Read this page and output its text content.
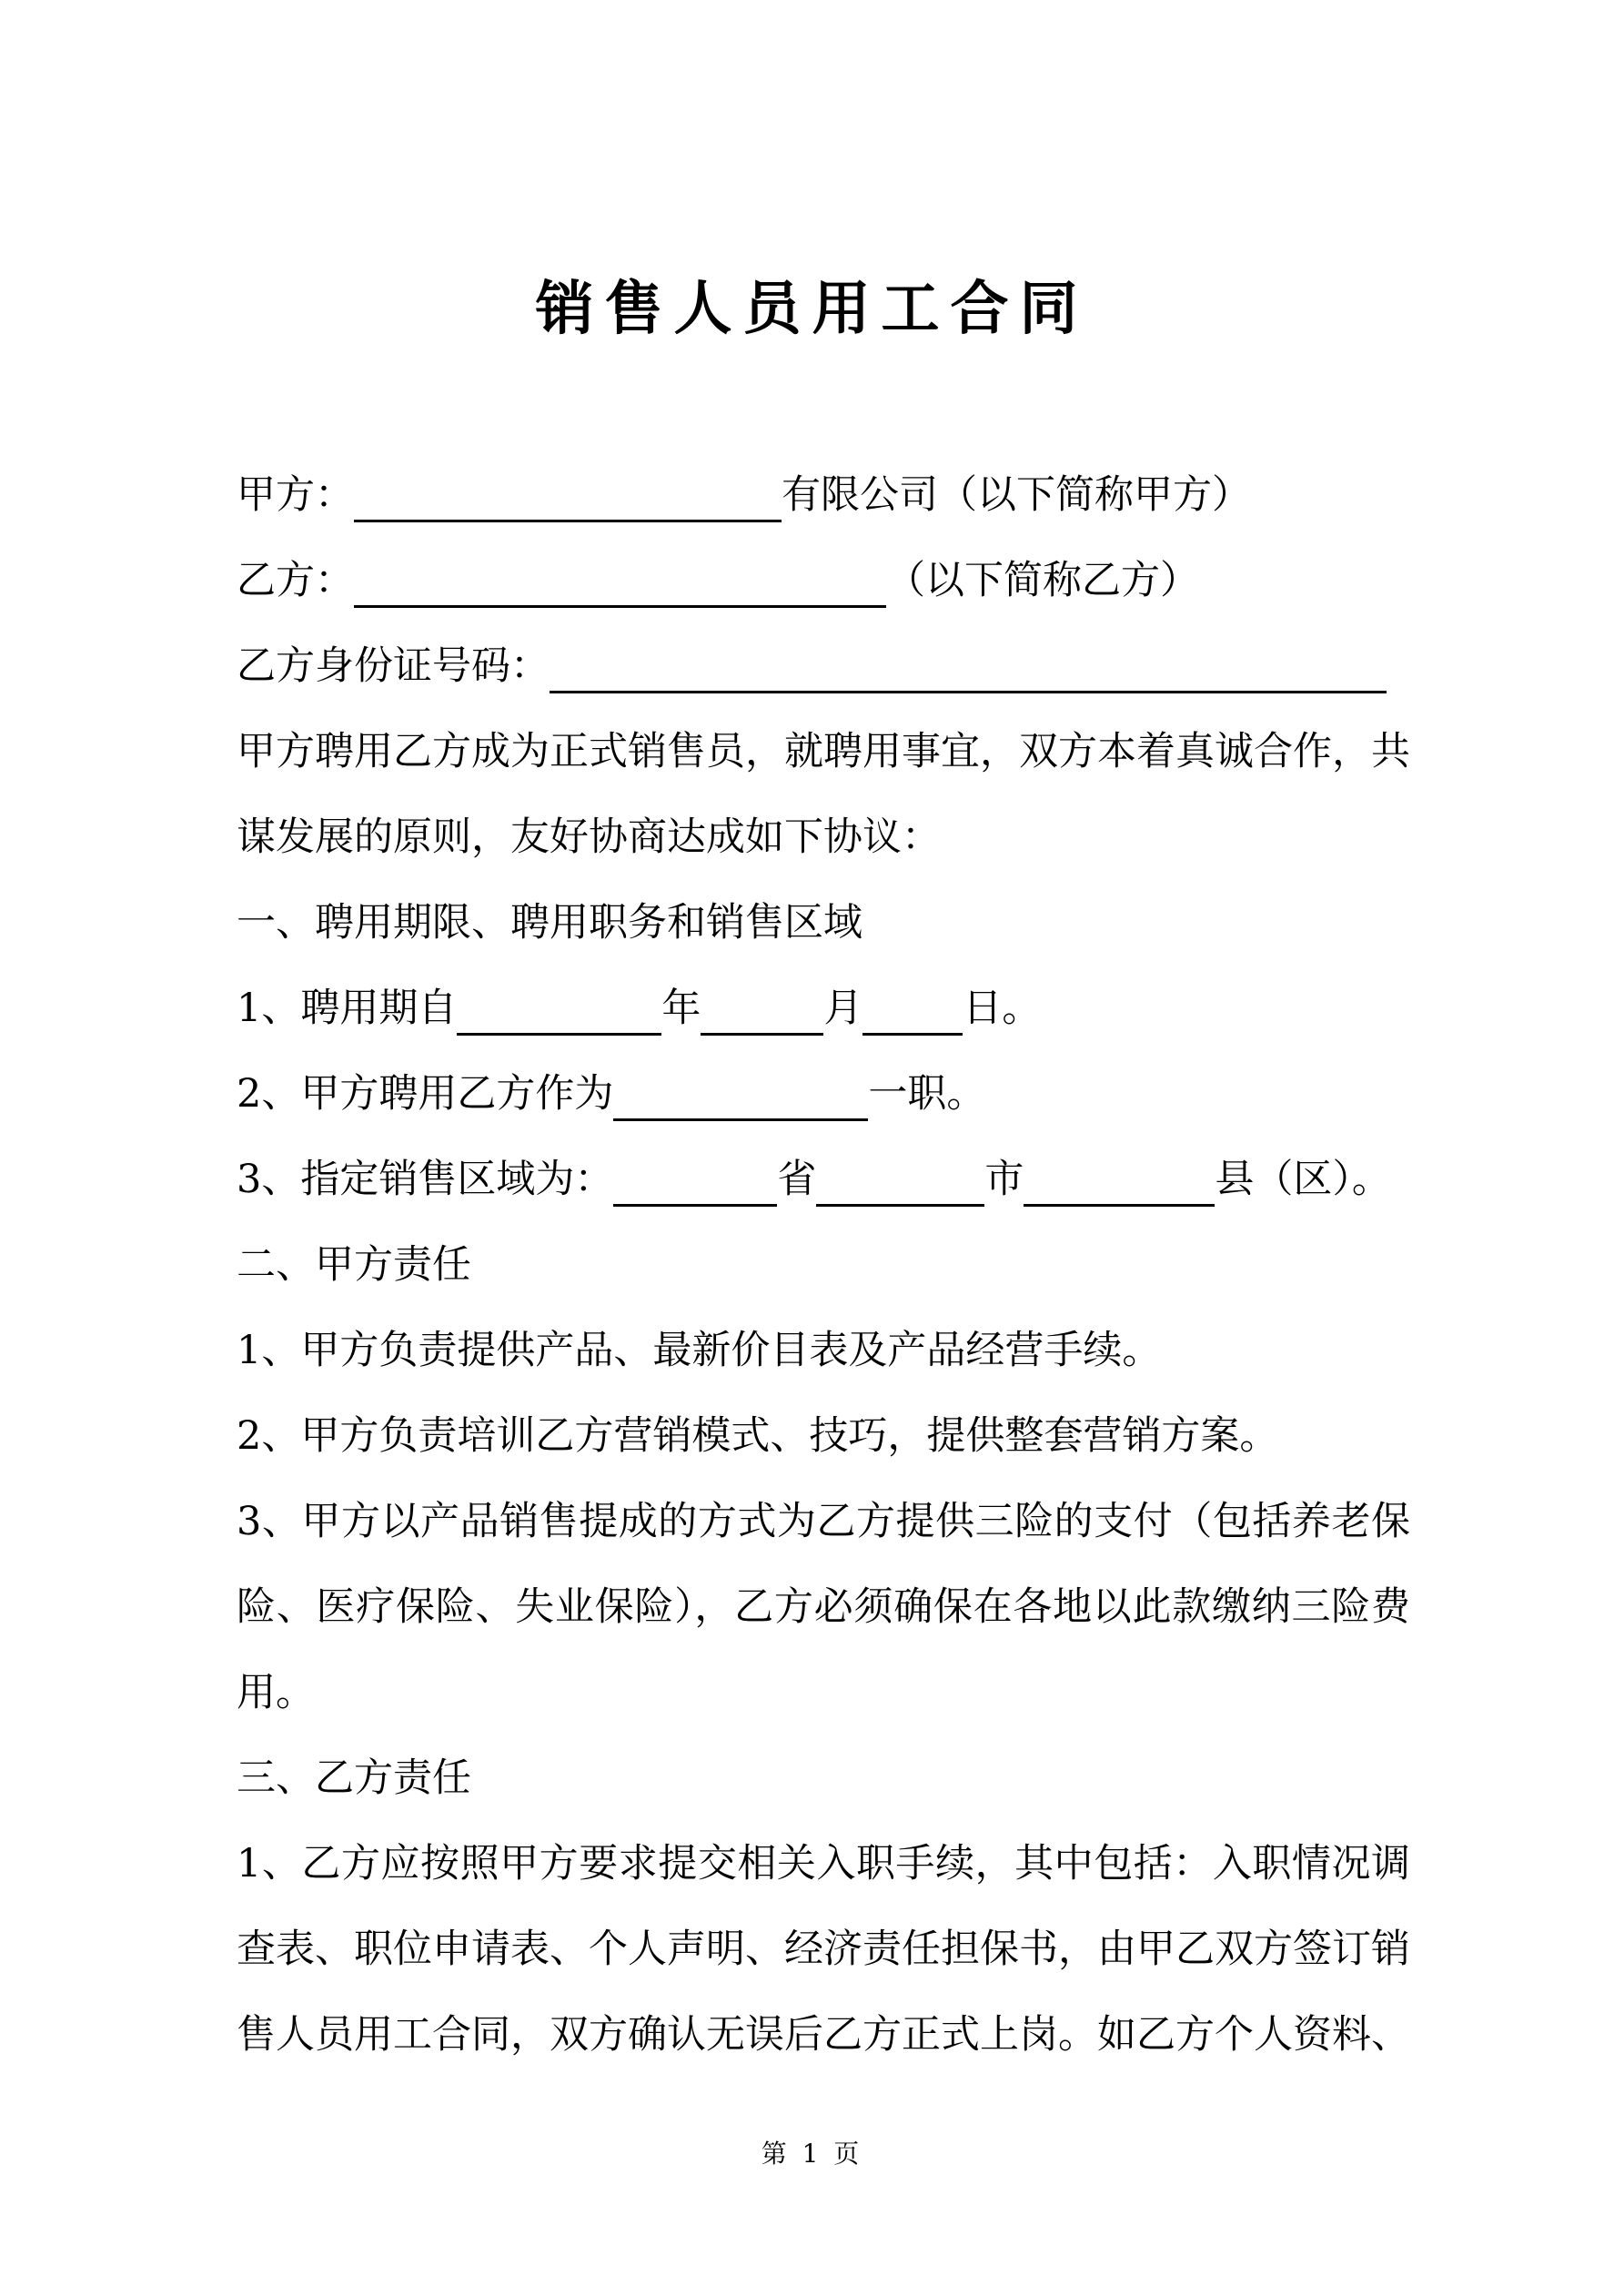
销售人员用工合同
甲方：	有限公司（以下简称甲方）
乙方：	（以下简称乙方）
乙方身份证号码：
甲方聘用乙方成为正式销售员，就聘用事宜，双方本着真诚合作，共
谋发展的原则，友好协商达成如下协议：
一、聘用期限、聘用职务和销售区域
1、聘用期自	年	月	日。
2、甲方聘用乙方作为	一职。
3、指定销售区域为：	省	市	县（区）。
二、甲方责任
1、甲方负责提供产品、最新价目表及产品经营手续。
2、甲方负责培训乙方营销模式、技巧，提供整套营销方案。
3、甲方以产品销售提成的方式为乙方提供三险的支付（包括养老保
险、医疗保险、失业保险），乙方必须确保在各地以此款缴纳三险费
用。
三、乙方责任
1、乙方应按照甲方要求提交相关入职手续，其中包括：入职情况调
查表、职位申请表、个人声明、经济责任担保书，由甲乙双方签订销
售人员用工合同，双方确认无误后乙方正式上岗。如乙方个人资料、
第 1 页
